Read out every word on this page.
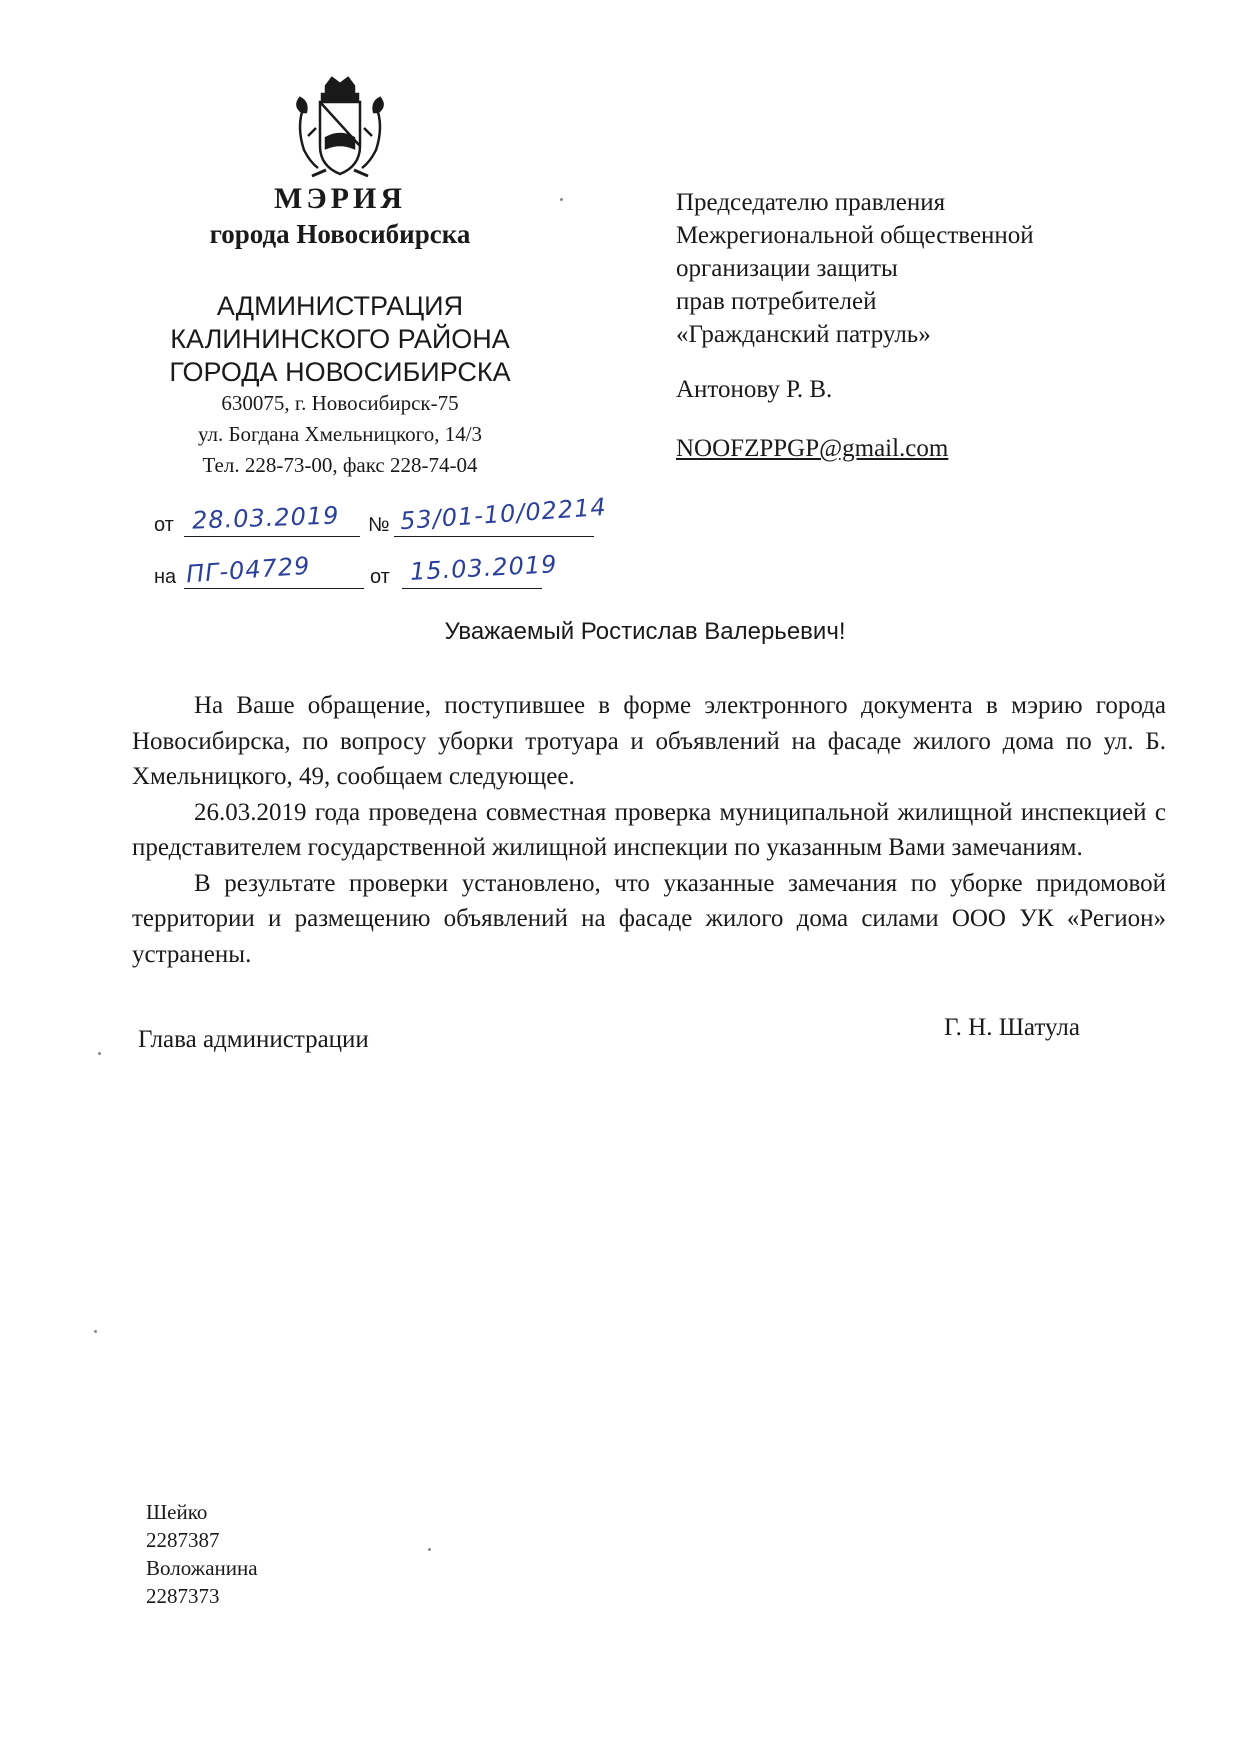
МЭРИЯ
города Новосибирска
АДМИНИСТРАЦИЯ
КАЛИНИНСКОГО РАЙОНА
ГОРОДА НОВОСИБИРСКА
630075, г. Новосибирск-75
ул. Богдана Хмельницкого, 14/3
Тел. 228-73-00, факс 228-74-04
от 28.03.2019 № 53/01-10/02214
на ПГ-04729	от 15.03.2019
Председателю правления
Межрегиональной общественной
организации защиты
прав потребителей
«Гражданский патруль»
Антонову Р. В.
NOOFZPPGP@gmail.com
Уважаемый Ростислав Валерьевич!

На Ваше обращение, поступившее в форме электронного документа в мэрию города Новосибирска, по вопросу уборки тротуара и объявлений на фасаде жилого дома по ул. Б. Хмельницкого, 49, сообщаем следующее.

26.03.2019 года проведена совместная проверка муниципальной жилищной инспекцией с представителем государственной жилищной инспекции по указанным Вами замечаниям.

В результате проверки установлено, что указанные замечания по уборке придомовой территории и размещению объявлений на фасаде жилого дома силами ООО УК «Регион» устранены.

Глава администрации	Г. Н. Шатула
Шейко
2287387
Воложанина
2287373
